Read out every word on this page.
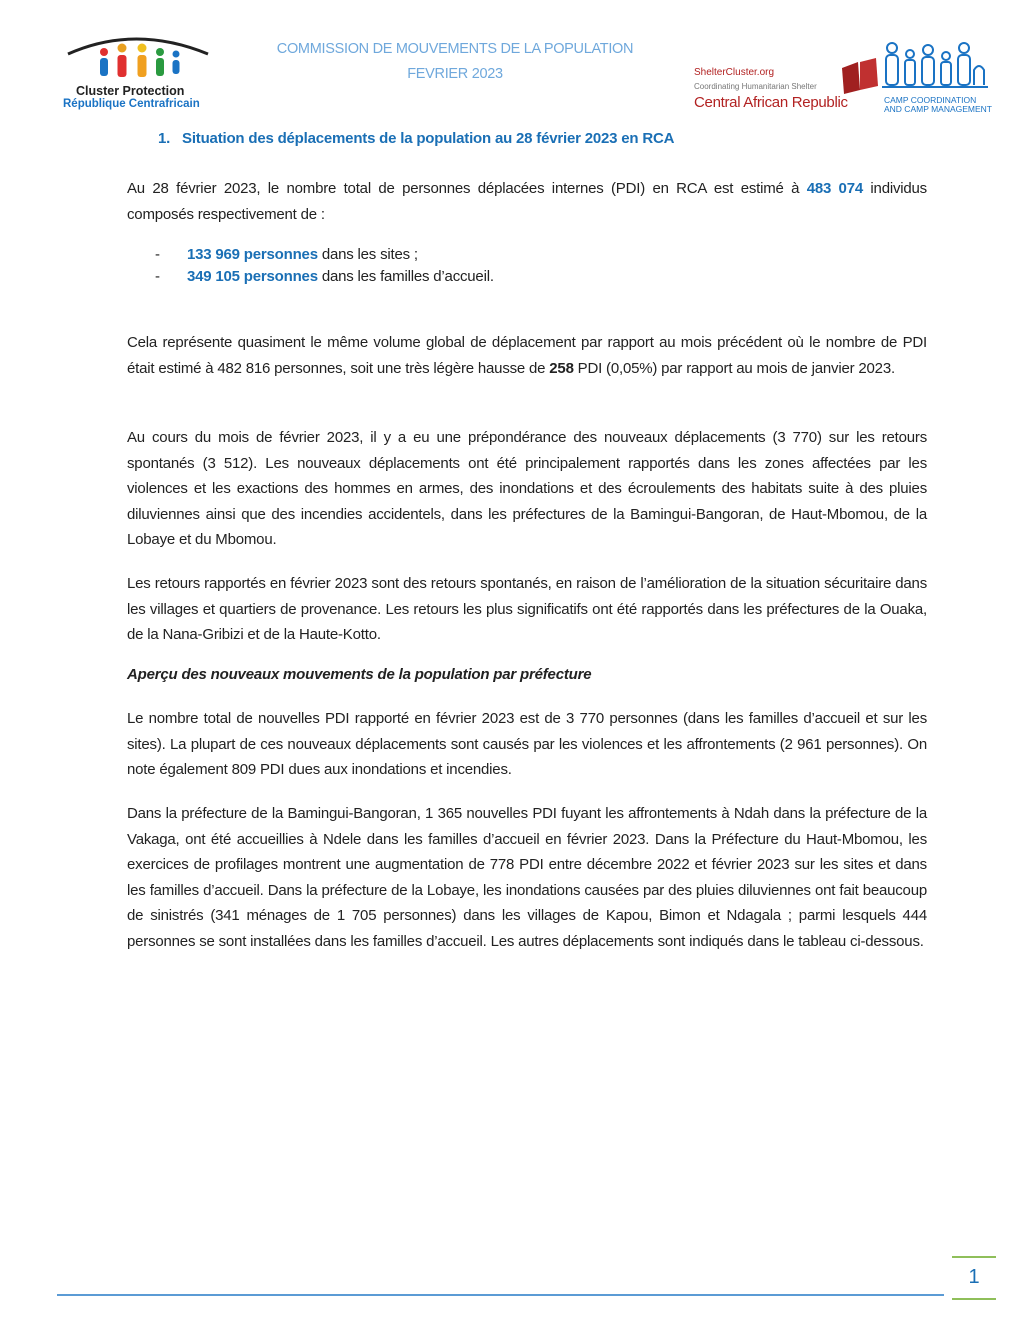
Cluster Protection
République Centrafricain
COMMISSION DE MOUVEMENTS DE LA POPULATION
FEVRIER 2023	ShelterCluster.org
Coordinating Humanitarian Shelter
Central African Republic	CAMP COORDINATION
AND CAMP MANAGEMENT
1. Situation des déplacements de la population au 28 février 2023 en RCA
Au 28 février 2023, le nombre total de personnes déplacées internes (PDI) en RCA est estimé à 483 074 individus composés respectivement de :
- 133 969 personnes dans les sites ;
- 349 105 personnes dans les familles d’accueil.
Cela représente quasiment le même volume global de déplacement par rapport au mois précédent où le nombre de PDI était estimé à 482 816 personnes, soit une très légère hausse de 258 PDI (0,05%) par rapport au mois de janvier 2023.
Au cours du mois de février 2023, il y a eu une prépondérance des nouveaux déplacements (3 770) sur les retours spontanés (3 512). Les nouveaux déplacements ont été principalement rapportés dans les zones affectées par les violences et les exactions des hommes en armes, des inondations et des écroulements des habitats suite à des pluies diluviennes ainsi que des incendies accidentels, dans les préfectures de la Bamingui-Bangoran, de Haut-Mbomou, de la Lobaye et du Mbomou.
Les retours rapportés en février 2023 sont des retours spontanés, en raison de l’amélioration de la situation sécuritaire dans les villages et quartiers de provenance. Les retours les plus significatifs ont été rapportés dans les préfectures de la Ouaka, de la Nana-Gribizi et de la Haute-Kotto.
Aperçu des nouveaux mouvements de la population par préfecture
Le nombre total de nouvelles PDI rapporté en février 2023 est de 3 770 personnes (dans les familles d’accueil et sur les sites). La plupart de ces nouveaux déplacements sont causés par les violences et les affrontements (2 961 personnes). On note également 809 PDI dues aux inondations et incendies.
Dans la préfecture de la Bamingui-Bangoran, 1 365 nouvelles PDI fuyant les affrontements à Ndah dans la préfecture de la Vakaga, ont été accueillies à Ndele dans les familles d’accueil en février 2023. Dans la Préfecture du Haut-Mbomou, les exercices de profilages montrent une augmentation de 778 PDI entre décembre 2022 et février 2023 sur les sites et dans les familles d’accueil. Dans la préfecture de la Lobaye, les inondations causées par des pluies diluviennes ont fait beaucoup de sinistrés (341 ménages de 1 705 personnes) dans les villages de Kapou, Bimon et Ndagala ; parmi lesquels 444 personnes se sont installées dans les familles d’accueil. Les autres déplacements sont indiqués dans le tableau ci-dessous.
1
